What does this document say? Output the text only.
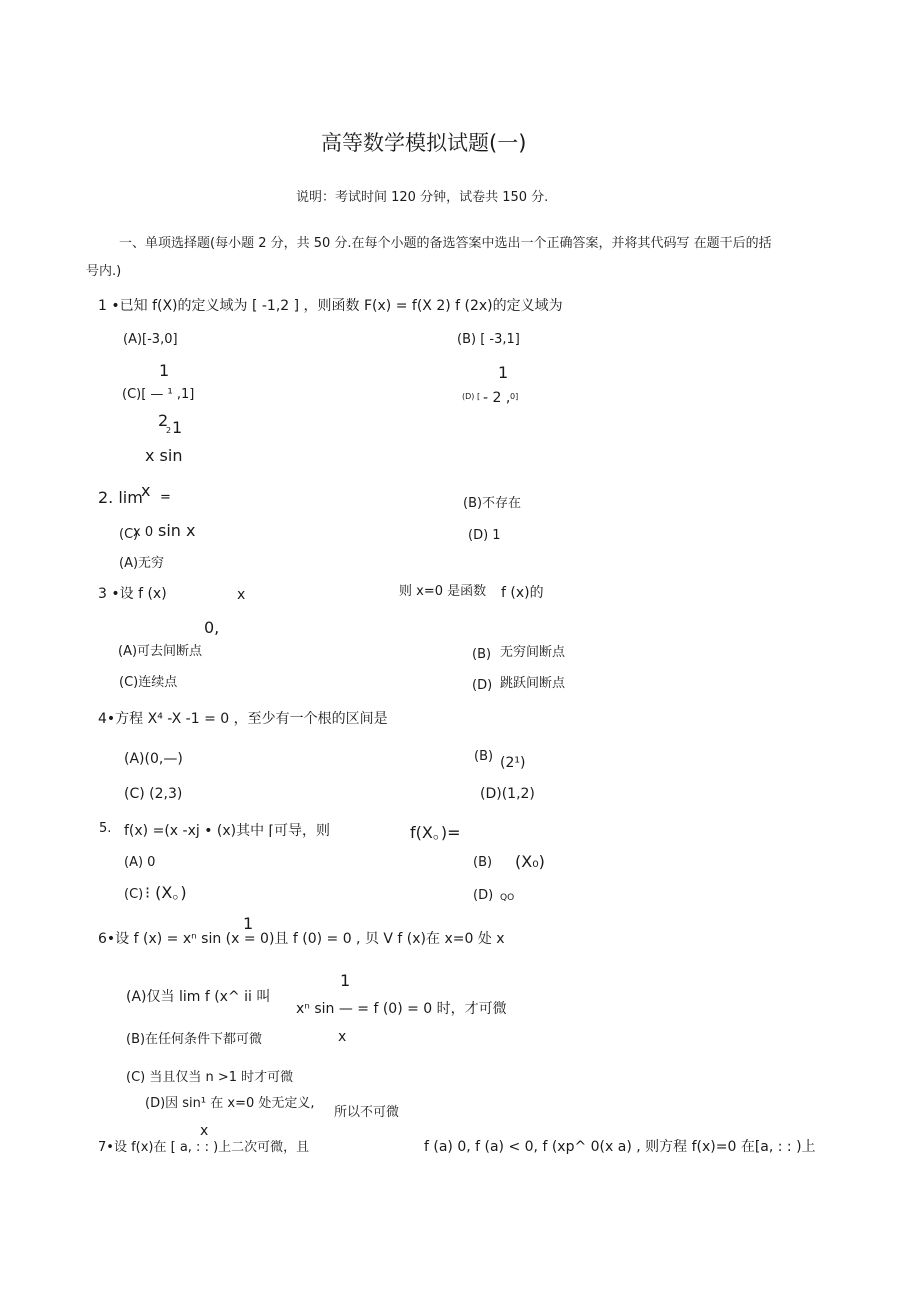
高等数学模拟试题(一)
说明：考试时间 120 分钟，试卷共 150 分.
一、单项选择题(每小题 2 分，共 50 分.在每个小题的备选答案中选出一个正确答案，并将其代码写 在题干后的括
号内.)
1 •已知 f(X)的定义域为 [ -1,2 ] ，则函数 F(x) = f(X 2) f (2x)的定义域为
(A)[-3,0]	(B) [ -3,1]
1
(C)[ — ¹ ,1]
2
2
1
(D) [ - 2 , 0]
1
x sin
2. lim
x =	(B)不存在
(C)
x 0 sin x	(D) 1
(A)无穷
3 •设 f (x)	x	则 x=0 是函数 f (x)的
0,
(A)可去间断点	(B) 无穷间断点
(C)连续点	(D) 跳跃间断点
4•方程 X⁴ -X -1 = 0 ，至少有一个根的区间是
(A)(0,—)	(B) (2¹)
(C) (2,3)	(D)(1,2)
5. f(x) =(x -xj • (x)其中 ⌈可导，则	f(X。)=
(A) 0	(B) (X₀)
(C) ⁝ (X。)	(D) QO
1
6•设 f (x) = xⁿ sin (x = 0)且 f (0) = 0 , 贝 V f (x)在 x=0 处 x
1
(A)仅当 lim f (x^ ii 叫
xⁿ sin — = f (0) = 0 时，才可微
(B)在任何条件下都可微	x
(C) 当且仅当 n >1 时才可微
(D)因 sin¹ 在 x=0 处无定义,
所以不可微
x
7•设 f(x)在 [ a, : : )上二次可微，且	f (a) 0, f (a) < 0, f (xp^ 0(x a) , 则方程 f(x)=0 在[a, : : )上
